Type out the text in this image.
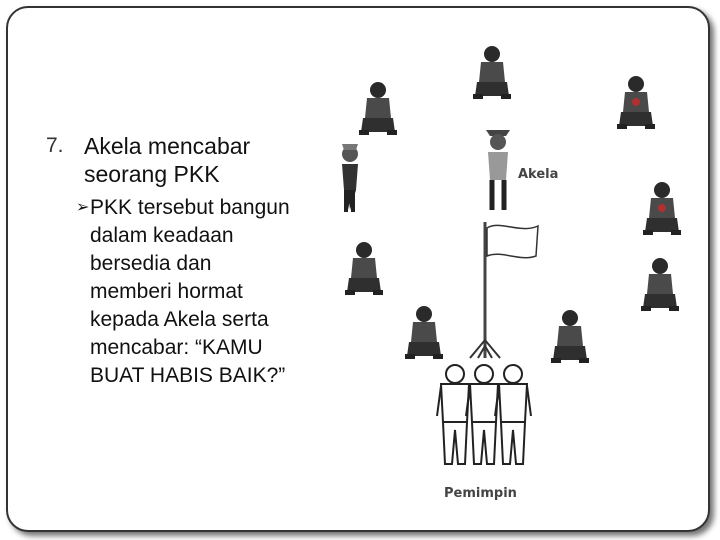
7. Akela mencabar seorang PKK
➢ PKK tersebut bangun dalam keadaan bersedia dan memberi hormat kepada Akela serta mencabar: “KAMU BUAT HABIS BAIK?”
Akela
Pemimpin
